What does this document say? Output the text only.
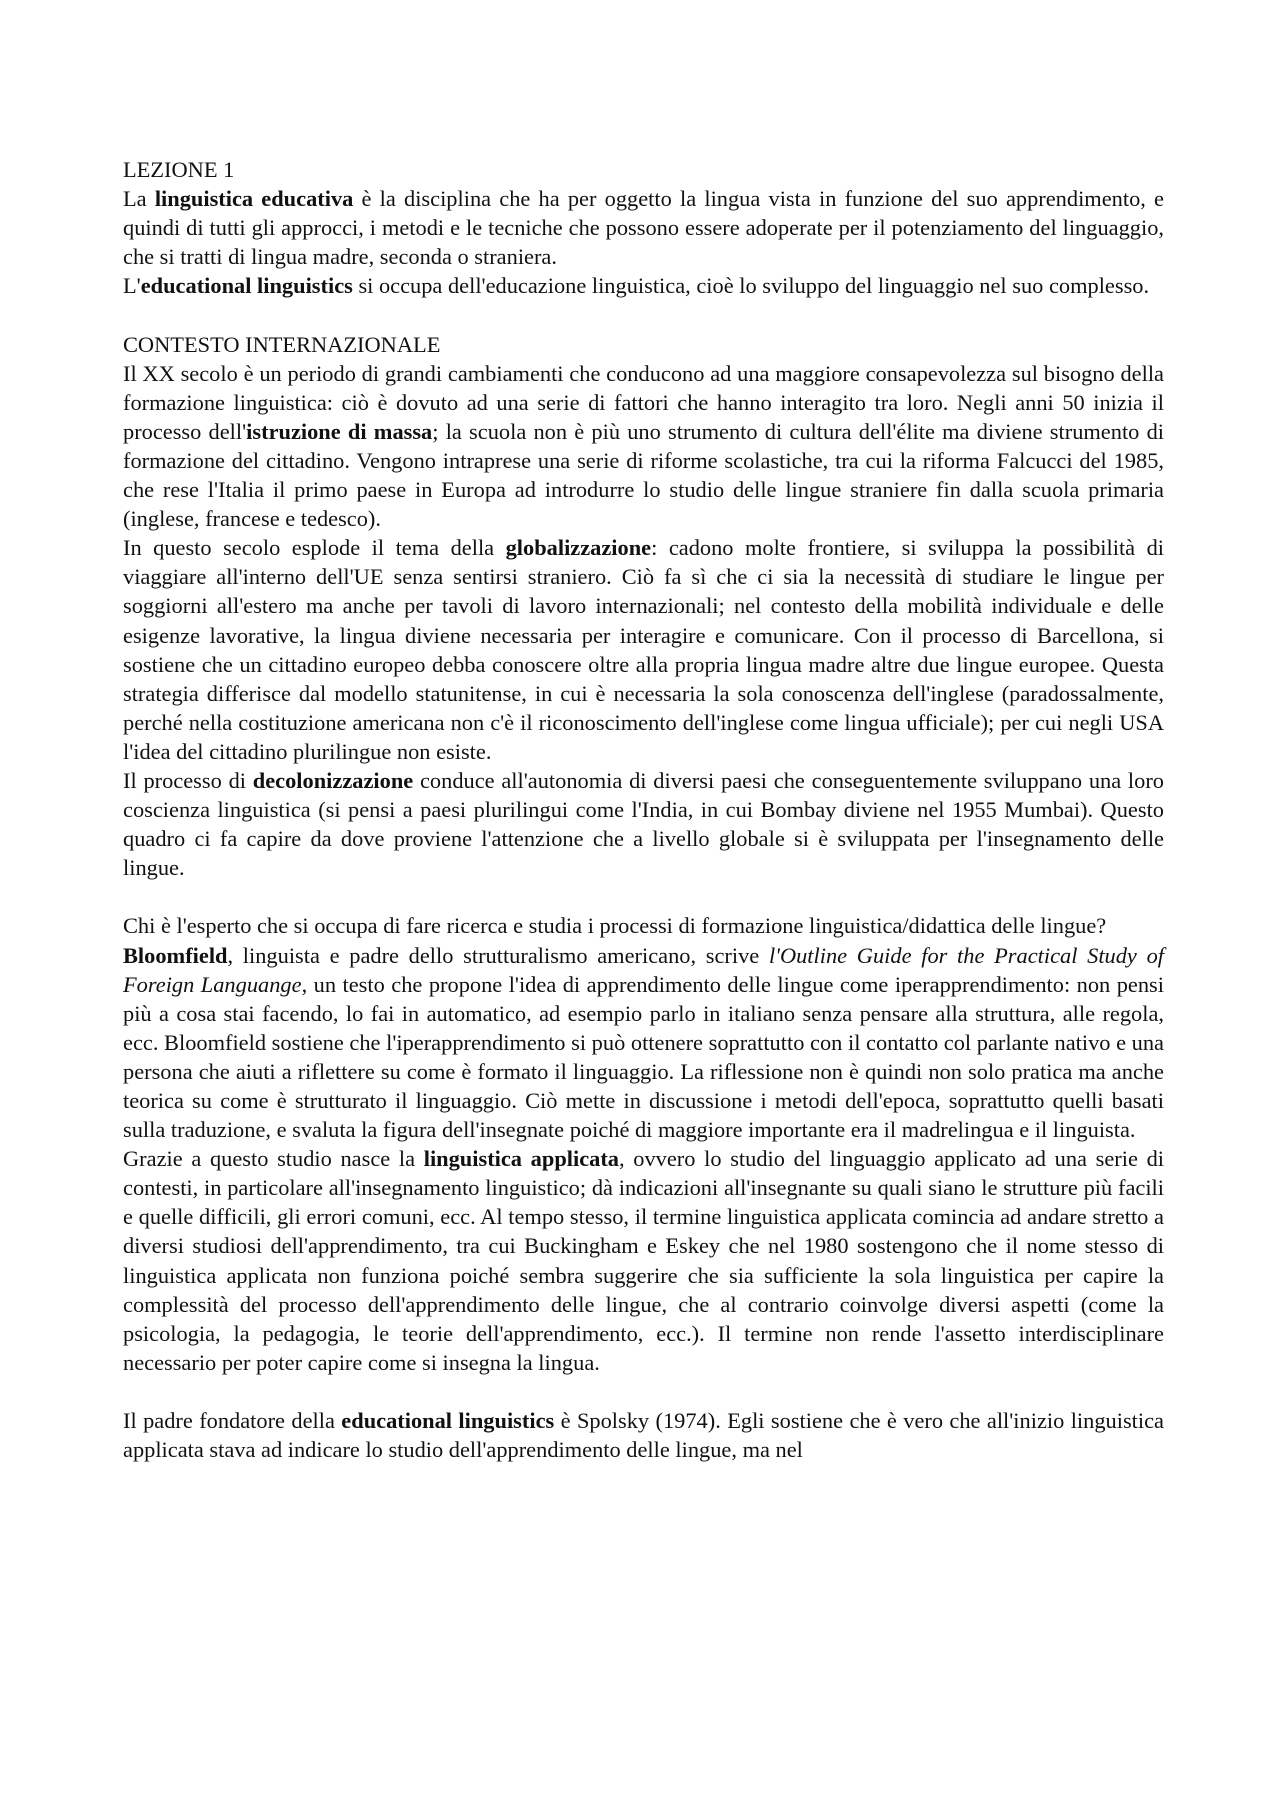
LEZIONE 1

La linguistica educativa è la disciplina che ha per oggetto la lingua vista in funzione del suo apprendimento, e quindi di tutti gli approcci, i metodi e le tecniche che possono essere adoperate per il potenziamento del linguaggio, che si tratti di lingua madre, seconda o straniera.

L'educational linguistics si occupa dell'educazione linguistica, cioè lo sviluppo del linguaggio nel suo complesso.

CONTESTO INTERNAZIONALE

Il XX secolo è un periodo di grandi cambiamenti che conducono ad una maggiore consapevolezza sul bisogno della formazione linguistica: ciò è dovuto ad una serie di fattori che hanno interagito tra loro. Negli anni 50 inizia il processo dell'istruzione di massa; la scuola non è più uno strumento di cultura dell'élite ma diviene strumento di formazione del cittadino. Vengono intraprese una serie di riforme scolastiche, tra cui la riforma Falcucci del 1985, che rese l'Italia il primo paese in Europa ad introdurre lo studio delle lingue straniere fin dalla scuola primaria (inglese, francese e tedesco).

In questo secolo esplode il tema della globalizzazione: cadono molte frontiere, si sviluppa la possibilità di viaggiare all'interno dell'UE senza sentirsi straniero. Ciò fa sì che ci sia la necessità di studiare le lingue per soggiorni all'estero ma anche per tavoli di lavoro internazionali; nel contesto della mobilità individuale e delle esigenze lavorative, la lingua diviene necessaria per interagire e comunicare. Con il processo di Barcellona, si sostiene che un cittadino europeo debba conoscere oltre alla propria lingua madre altre due lingue europee. Questa strategia differisce dal modello statunitense, in cui è necessaria la sola conoscenza dell'inglese (paradossalmente, perché nella costituzione americana non c'è il riconoscimento dell'inglese come lingua ufficiale); per cui negli USA l'idea del cittadino plurilingue non esiste.

Il processo di decolonizzazione conduce all'autonomia di diversi paesi che conseguentemente sviluppano una loro coscienza linguistica (si pensi a paesi plurilingui come l'India, in cui Bombay diviene nel 1955 Mumbai). Questo quadro ci fa capire da dove proviene l'attenzione che a livello globale si è sviluppata per l'insegnamento delle lingue.

Chi è l'esperto che si occupa di fare ricerca e studia i processi di formazione linguistica/didattica delle lingue?

Bloomfield, linguista e padre dello strutturalismo americano, scrive l'Outline Guide for the Practical Study of Foreign Languange, un testo che propone l'idea di apprendimento delle lingue come iperapprendimento: non pensi più a cosa stai facendo, lo fai in automatico, ad esempio parlo in italiano senza pensare alla struttura, alle regola, ecc. Bloomfield sostiene che l'iperapprendimento si può ottenere soprattutto con il contatto col parlante nativo e una persona che aiuti a riflettere su come è formato il linguaggio. La riflessione non è quindi non solo pratica ma anche teorica su come è strutturato il linguaggio. Ciò mette in discussione i metodi dell'epoca, soprattutto quelli basati sulla traduzione, e svaluta la figura dell'insegnate poiché di maggiore importante era il madrelingua e il linguista.

Grazie a questo studio nasce la linguistica applicata, ovvero lo studio del linguaggio applicato ad una serie di contesti, in particolare all'insegnamento linguistico; dà indicazioni all'insegnante su quali siano le strutture più facili e quelle difficili, gli errori comuni, ecc. Al tempo stesso, il termine linguistica applicata comincia ad andare stretto a diversi studiosi dell'apprendimento, tra cui Buckingham e Eskey che nel 1980 sostengono che il nome stesso di linguistica applicata non funziona poiché sembra suggerire che sia sufficiente la sola linguistica per capire la complessità del processo dell'apprendimento delle lingue, che al contrario coinvolge diversi aspetti (come la psicologia, la pedagogia, le teorie dell'apprendimento, ecc.). Il termine non rende l'assetto interdisciplinare necessario per poter capire come si insegna la lingua.

Il padre fondatore della educational linguistics è Spolsky (1974). Egli sostiene che è vero che all'inizio linguistica applicata stava ad indicare lo studio dell'apprendimento delle lingue, ma nel
